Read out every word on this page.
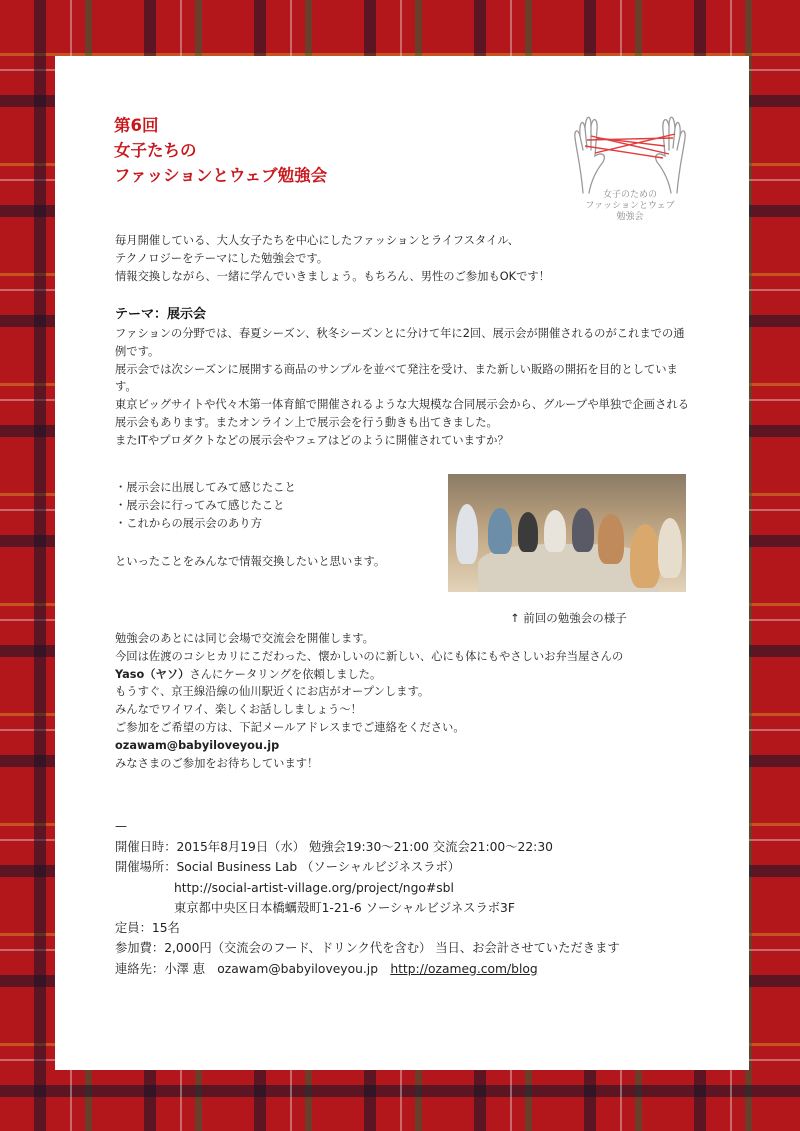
第6回
女子たちの
ファッションとウェブ勉強会
女子のための
ファッションとウェブ
勉強会
毎月開催している、大人女子たちを中心にしたファッションとライフスタイル、
テクノロジーをテーマにした勉強会です。
情報交換しながら、一緒に学んでいきましょう。もちろん、男性のご参加もOKです！
テーマ：展示会
ファションの分野では、春夏シーズン、秋冬シーズンとに分けて年に2回、展示会が開催されるのがこれまでの通例です。
展示会では次シーズンに展開する商品のサンプルを並べて発注を受け、また新しい販路の開拓を目的としています。
東京ビッグサイトや代々木第一体育館で開催されるような大規模な合同展示会から、グループや単独で企画される展示会もあります。またオンライン上で展示会を行う動きも出てきました。
またITやプロダクトなどの展示会やフェアはどのように開催されていますか？
・展示会に出展してみて感じたこと
・展示会に行ってみて感じたこと
・これからの展示会のあり方
といったことをみんなで情報交換したいと思います。
↑ 前回の勉強会の様子
勉強会のあとには同じ会場で交流会を開催します。
今回は佐渡のコシヒカリにこだわった、懐かしいのに新しい、心にも体にもやさしいお弁当屋さんの
Yaso（ヤソ）さんにケータリングを依頼しました。
もうすぐ、京王線沿線の仙川駅近くにお店がオープンします。
みんなでワイワイ、楽しくお話ししましょう〜！
ご参加をご希望の方は、下記メールアドレスまでご連絡をください。
ozawam@babyiloveyou.jp
みなさまのご参加をお待ちしています！
—
開催日時：2015年8月19日（水） 勉強会19:30〜21:00 交流会21:00〜22:30
開催場所：Social Business Lab （ソーシャルビジネスラボ）
http://social-artist-village.org/project/ngo#sbl
東京都中央区日本橋蠣殻町1-21-6 ソーシャルビジネスラボ3F
定員：15名
参加費：2,000円（交流会のフード、ドリンク代を含む） 当日、お会計させていただきます
連絡先：小澤 恵　ozawam@babyiloveyou.jp　http://ozameg.com/blog
